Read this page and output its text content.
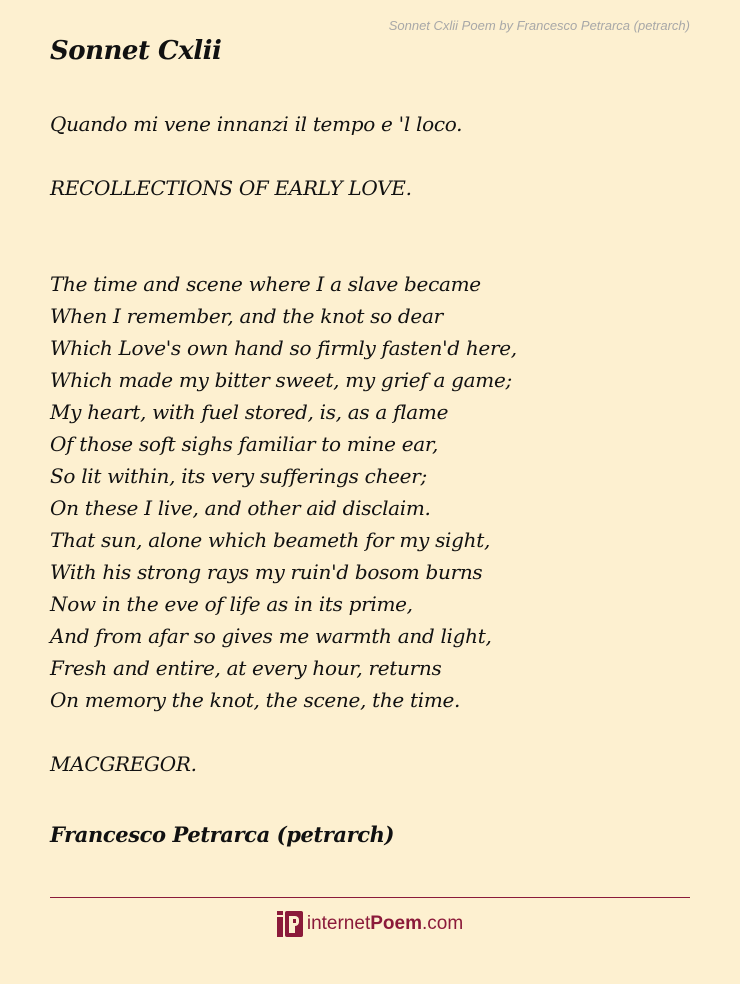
Sonnet Cxlii Poem by Francesco Petrarca (petrarch)
Sonnet Cxlii
Quando mi vene innanzi il tempo e 'l loco.
RECOLLECTIONS OF EARLY LOVE.
The time and scene where I a slave became
When I remember, and the knot so dear
Which Love's own hand so firmly fasten'd here,
Which made my bitter sweet, my grief a game;
My heart, with fuel stored, is, as a flame
Of those soft sighs familiar to mine ear,
So lit within, its very sufferings cheer;
On these I live, and other aid disclaim.
That sun, alone which beameth for my sight,
With his strong rays my ruin'd bosom burns
Now in the eve of life as in its prime,
And from afar so gives me warmth and light,
Fresh and entire, at every hour, returns
On memory the knot, the scene, the time.
MACGREGOR.
Francesco Petrarca (petrarch)
internet Poem .com
